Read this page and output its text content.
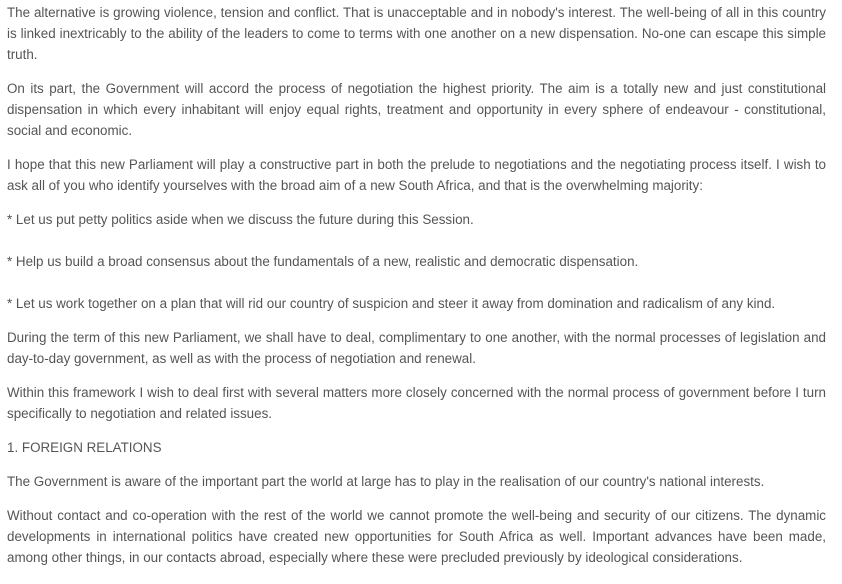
The alternative is growing violence, tension and conflict. That is unacceptable and in nobody's interest. The well-being of all in this country is linked inextricably to the ability of the leaders to come to terms with one another on a new dispensation. No-one can escape this simple truth.

On its part, the Government will accord the process of negotiation the highest priority. The aim is a totally new and just constitutional dispensation in which every inhabitant will enjoy equal rights, treatment and opportunity in every sphere of endeavour - constitutional, social and economic.

I hope that this new Parliament will play a constructive part in both the prelude to negotiations and the negotiating process itself. I wish to ask all of you who identify yourselves with the broad aim of a new South Africa, and that is the overwhelming majority:

* Let us put petty politics aside when we discuss the future during this Session.

* Help us build a broad consensus about the fundamentals of a new, realistic and democratic dispensation.

* Let us work together on a plan that will rid our country of suspicion and steer it away from domination and radicalism of any kind.

During the term of this new Parliament, we shall have to deal, complimentary to one another, with the normal processes of legislation and day-to-day government, as well as with the process of negotiation and renewal.

Within this framework I wish to deal first with several matters more closely concerned with the normal process of government before I turn specifically to negotiation and related issues.

1. FOREIGN RELATIONS

The Government is aware of the important part the world at large has to play in the realisation of our country's national interests.

Without contact and co-operation with the rest of the world we cannot promote the well-being and security of our citizens. The dynamic developments in international politics have created new opportunities for South Africa as well. Important advances have been made, among other things, in our contacts abroad, especially where these were precluded previously by ideological considerations.
